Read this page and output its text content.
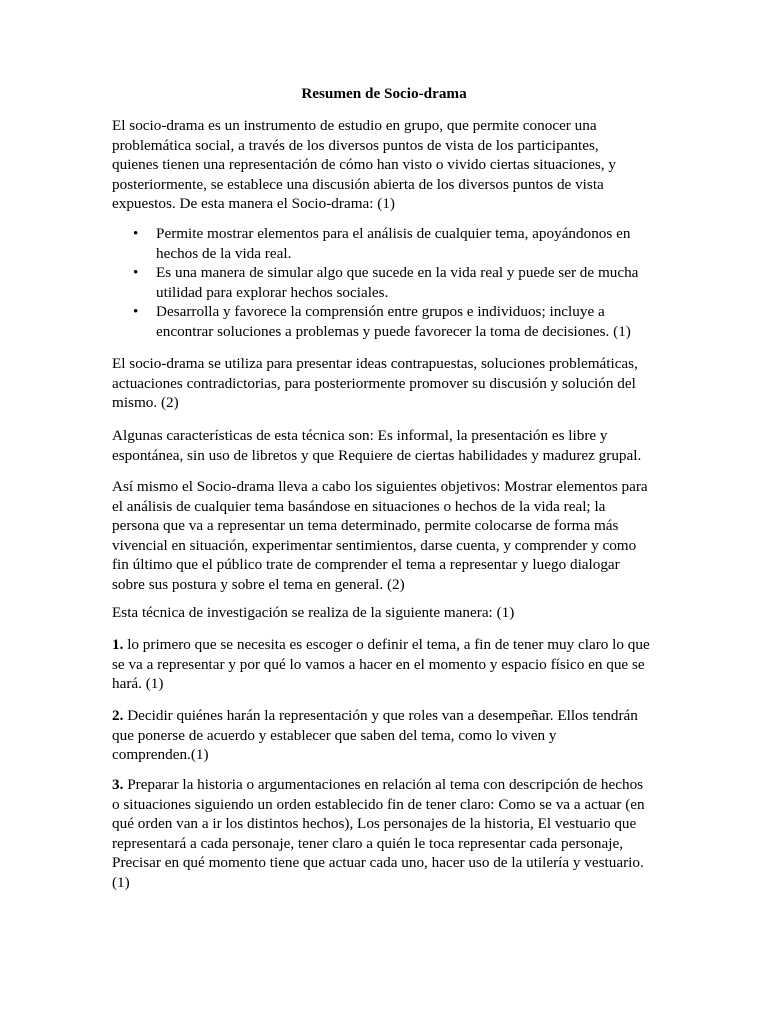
Resumen de Socio-drama
El socio-drama es un instrumento de estudio en grupo, que permite conocer una
problemática social, a través de los diversos puntos de vista de los participantes,
quienes tienen una representación de cómo han visto o vivido ciertas situaciones, y
posteriormente, se establece una discusión abierta de los diversos puntos de vista
expuestos. De esta manera el Socio-drama: (1)
• Permite mostrar elementos para el análisis de cualquier tema, apoyándonos en
hechos de la vida real.
• Es una manera de simular algo que sucede en la vida real y puede ser de mucha
utilidad para explorar hechos sociales.
• Desarrolla y favorece la comprensión entre grupos e individuos; incluye a
encontrar soluciones a problemas y puede favorecer la toma de decisiones. (1)
El socio-drama se utiliza para presentar ideas contrapuestas, soluciones problemáticas,
actuaciones contradictorias, para posteriormente promover su discusión y solución del
mismo. (2)
Algunas características de esta técnica son: Es informal, la presentación es libre y
espontánea, sin uso de libretos y que Requiere de ciertas habilidades y madurez grupal.
Así mismo el Socio-drama lleva a cabo los siguientes objetivos: Mostrar elementos para
el análisis de cualquier tema basándose en situaciones o hechos de la vida real; la
persona que va a representar un tema determinado, permite colocarse de forma más
vivencial en situación, experimentar sentimientos, darse cuenta, y comprender y como
fin último que el público trate de comprender el tema a representar y luego dialogar
sobre sus postura y sobre el tema en general. (2)
Esta técnica de investigación se realiza de la siguiente manera: (1)
1. lo primero que se necesita es escoger o definir el tema, a fin de tener muy claro lo que
se va a representar y por qué lo vamos a hacer en el momento y espacio físico en que se
hará. (1)
2. Decidir quiénes harán la representación y que roles van a desempeñar. Ellos tendrán
que ponerse de acuerdo y establecer que saben del tema, como lo viven y
comprenden.(1)
3. Preparar la historia o argumentaciones en relación al tema con descripción de hechos
o situaciones siguiendo un orden establecido fin de tener claro: Como se va a actuar (en
qué orden van a ir los distintos hechos), Los personajes de la historia, El vestuario que
representará a cada personaje, tener claro a quién le toca representar cada personaje,
Precisar en qué momento tiene que actuar cada uno, hacer uso de la utilería y vestuario.
(1)
